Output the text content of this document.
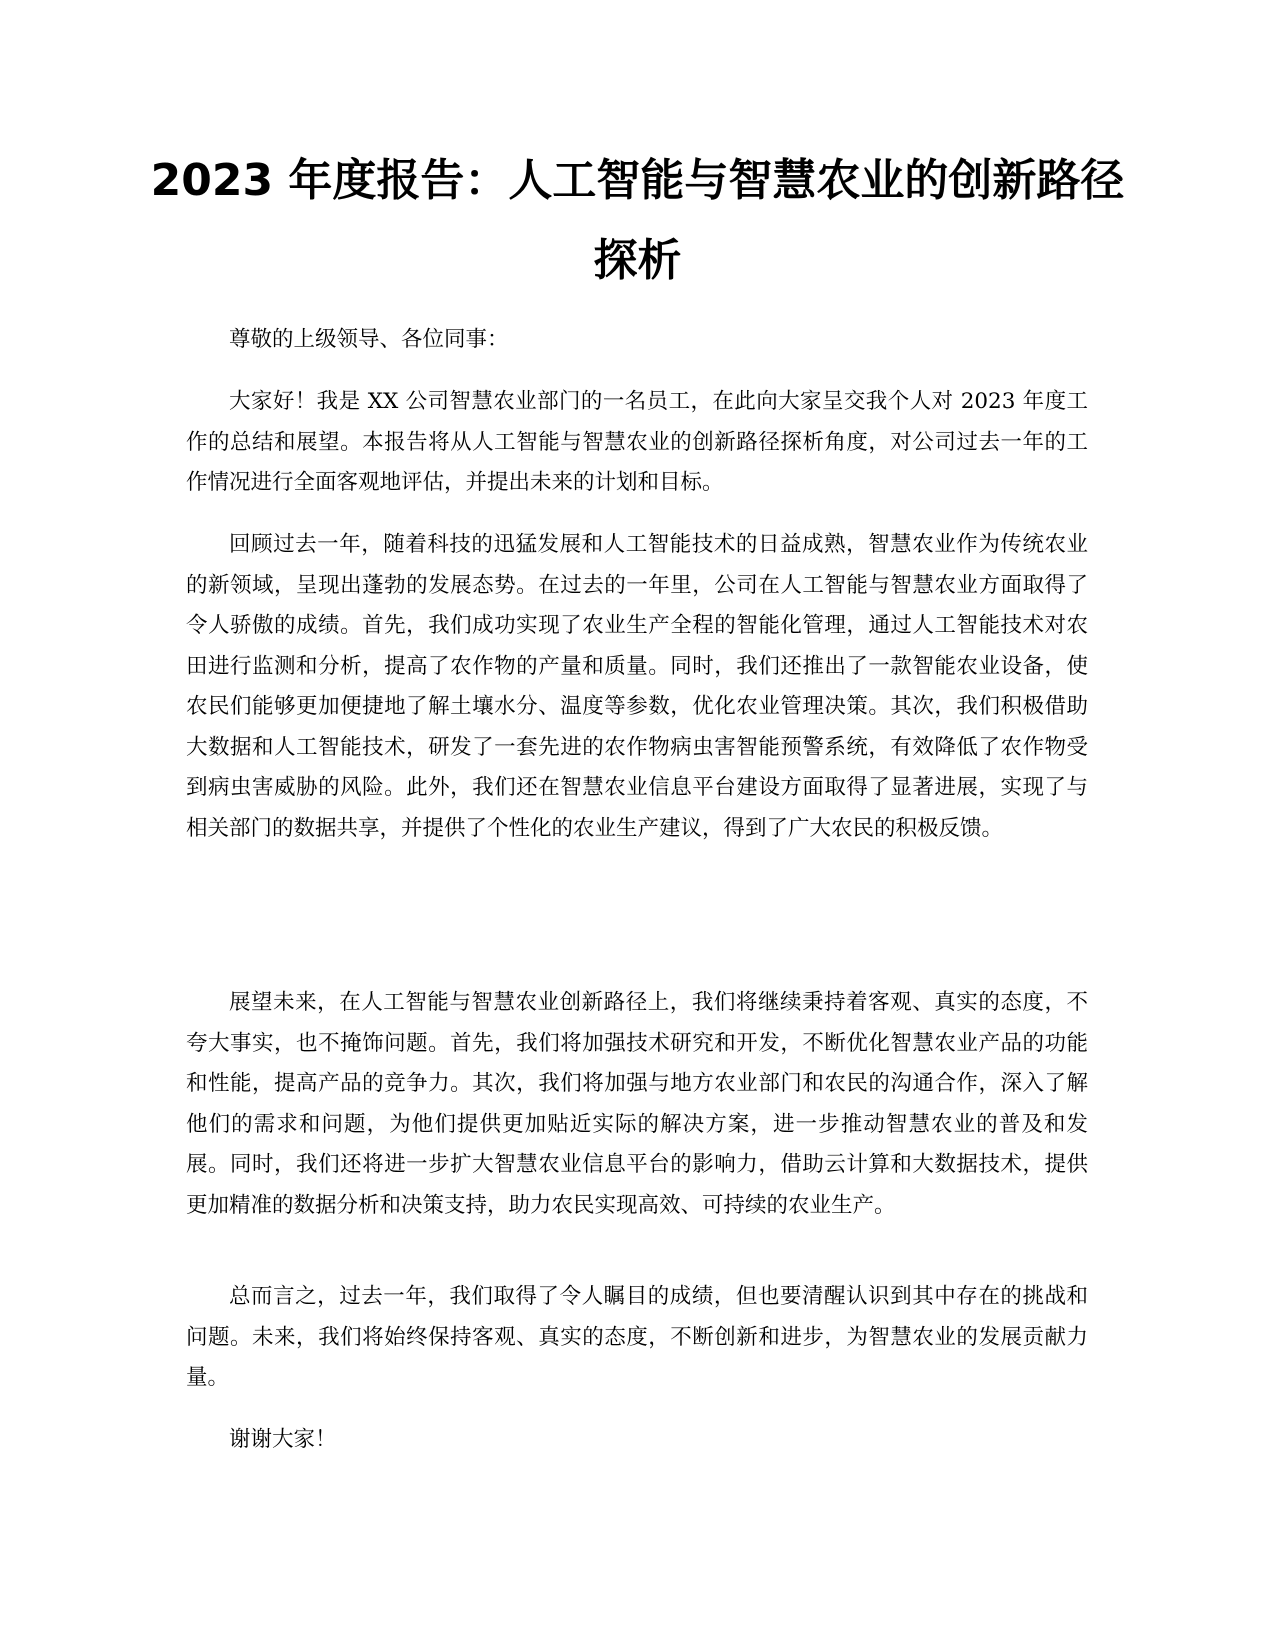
2023 年度报告：人工智能与智慧农业的创新路径探析

尊敬的上级领导、各位同事：

大家好！我是 XX 公司智慧农业部门的一名员工，在此向大家呈交我个人对 2023 年度工作的总结和展望。本报告将从人工智能与智慧农业的创新路径探析角度，对公司过去一年的工作情况进行全面客观地评估，并提出未来的计划和目标。

回顾过去一年，随着科技的迅猛发展和人工智能技术的日益成熟，智慧农业作为传统农业的新领域，呈现出蓬勃的发展态势。在过去的一年里，公司在人工智能与智慧农业方面取得了令人骄傲的成绩。首先，我们成功实现了农业生产全程的智能化管理，通过人工智能技术对农田进行监测和分析，提高了农作物的产量和质量。同时，我们还推出了一款智能农业设备，使农民们能够更加便捷地了解土壤水分、温度等参数，优化农业管理决策。其次，我们积极借助大数据和人工智能技术，研发了一套先进的农作物病虫害智能预警系统，有效降低了农作物受到病虫害威胁的风险。此外，我们还在智慧农业信息平台建设方面取得了显著进展，实现了与相关部门的数据共享，并提供了个性化的农业生产建议，得到了广大农民的积极反馈。

展望未来，在人工智能与智慧农业创新路径上，我们将继续秉持着客观、真实的态度，不夸大事实，也不掩饰问题。首先，我们将加强技术研究和开发，不断优化智慧农业产品的功能和性能，提高产品的竞争力。其次，我们将加强与地方农业部门和农民的沟通合作，深入了解他们的需求和问题，为他们提供更加贴近实际的解决方案，进一步推动智慧农业的普及和发展。同时，我们还将进一步扩大智慧农业信息平台的影响力，借助云计算和大数据技术，提供更加精准的数据分析和决策支持，助力农民实现高效、可持续的农业生产。

总而言之，过去一年，我们取得了令人瞩目的成绩，但也要清醒认识到其中存在的挑战和问题。未来，我们将始终保持客观、真实的态度，不断创新和进步，为智慧农业的发展贡献力量。

谢谢大家！
